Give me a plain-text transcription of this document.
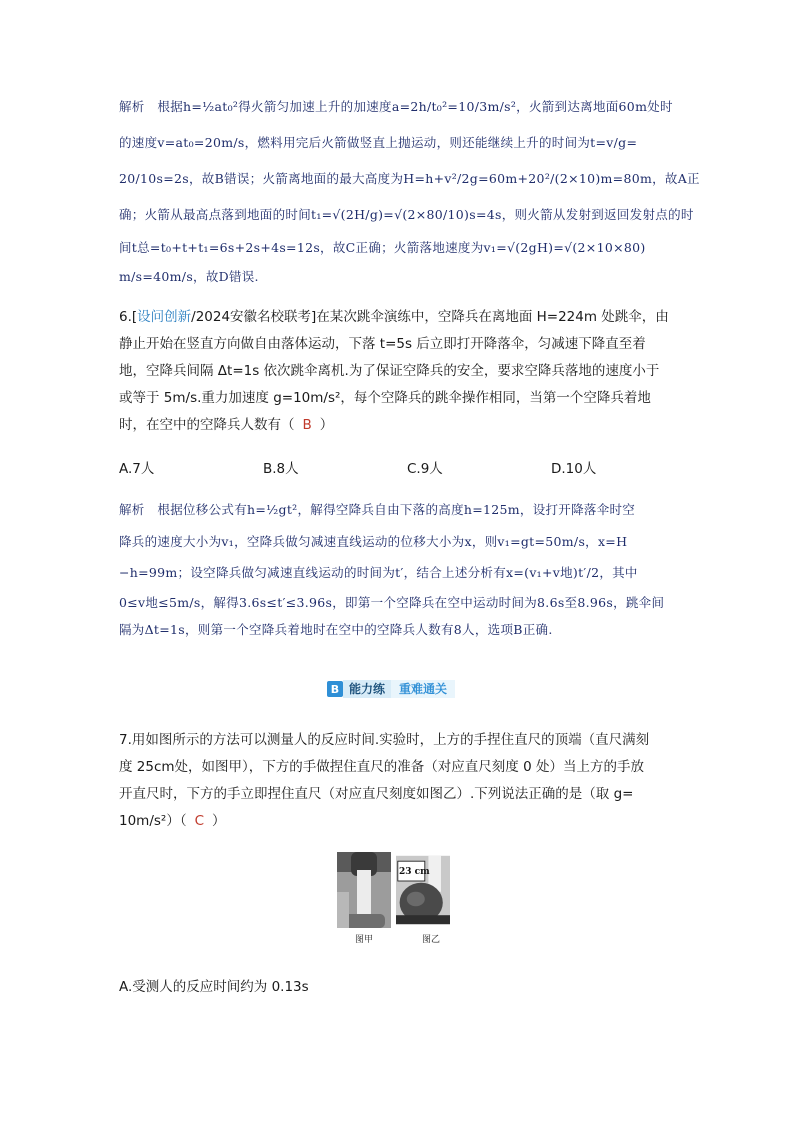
解析　根据h=½at₀²得火箭匀加速上升的加速度a=2h/t₀²=10/3m/s²，火箭到达离地面60m处时
的速度v=at₀=20m/s，燃料用完后火箭做竖直上抛运动，则还能继续上升的时间为t=v/g=
20/10s=2s，故B错误；火箭离地面的最大高度为H=h+v²/2g=60m+20²/(2×10)m=80m，故A正
确；火箭从最高点落到地面的时间t₁=√(2H/g)=√(2×80/10)s=4s，则火箭从发射到返回发射点的时
间t总=t₀+t+t₁=6s+2s+4s=12s，故C正确；火箭落地速度为v₁=√(2gH)=√(2×10×80)
m/s=40m/s，故D错误.
6.[设问创新/2024安徽名校联考]在某次跳伞演练中，空降兵在离地面 H=224m 处跳伞，由
静止开始在竖直方向做自由落体运动，下落 t=5s 后立即打开降落伞，匀减速下降直至着
地，空降兵间隔 Δt=1s 依次跳伞离机.为了保证空降兵的安全，要求空降兵落地的速度小于
或等于 5m/s.重力加速度 g=10m/s²，每个空降兵的跳伞操作相同，当第一个空降兵着地
时，在空中的空降兵人数有（ B ）
A.7人	B.8人	C.9人	D.10人
解析　根据位移公式有h=½gt²，解得空降兵自由下落的高度h=125m，设打开降落伞时空
降兵的速度大小为v₁，空降兵做匀减速直线运动的位移大小为x，则v₁=gt=50m/s，x=H
−h=99m；设空降兵做匀减速直线运动的时间为t′，结合上述分析有x=(v₁+v地)t′/2，其中
0≤v地≤5m/s，解得3.6s≤t′≤3.96s，即第一个空降兵在空中运动时间为8.6s至8.96s，跳伞间
隔为Δt=1s，则第一个空降兵着地时在空中的空降兵人数有8人，选项B正确.
B 能力练	重难通关
7.用如图所示的方法可以测量人的反应时间.实验时，上方的手捏住直尺的顶端（直尺满刻
度 25cm处，如图甲），下方的手做捏住直尺的准备（对应直尺刻度 0 处）当上方的手放
开直尺时，下方的手立即捏住直尺（对应直尺刻度如图乙）.下列说法正确的是（取 g=
10m/s²）（ C ）
图甲
23 cm
图乙
A.受测人的反应时间约为 0.13s
